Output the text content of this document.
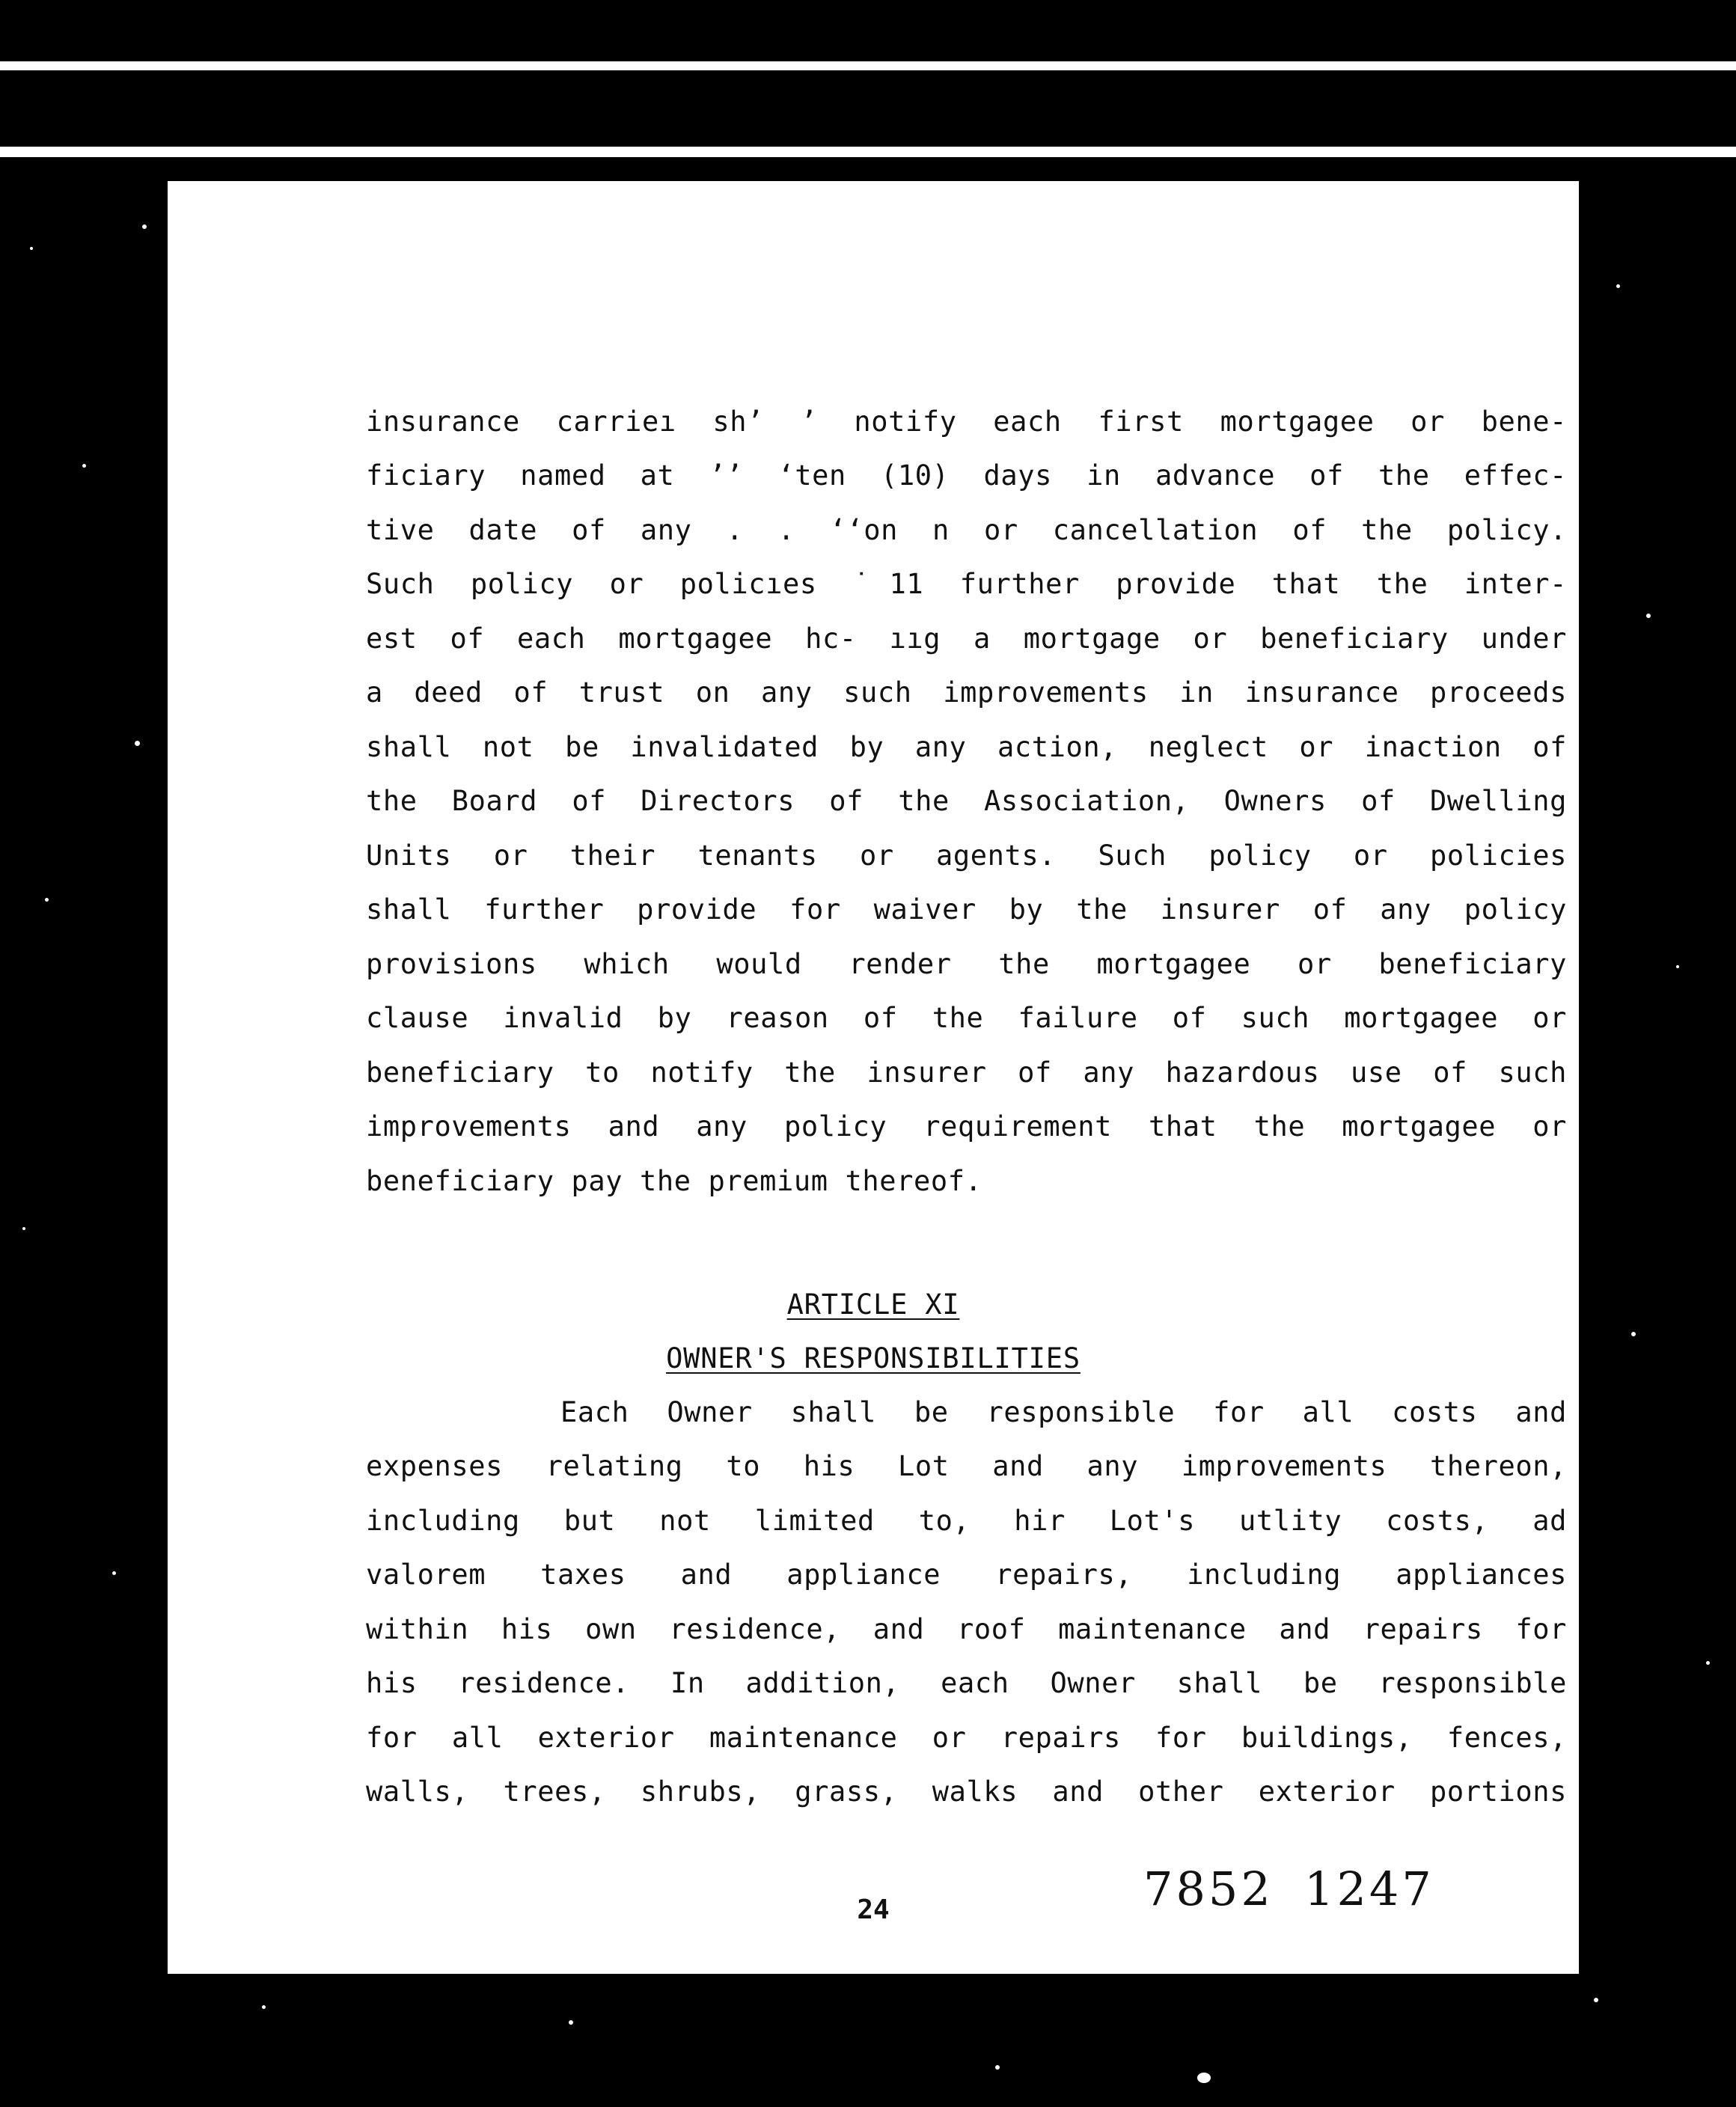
insurance carrieı sh’ ’ notify each first mortgagee or bene-
ficiary named at ’’ ʻten (10) days in advance of the effec-
tive date of any . . ‘‘on n or cancellation of the policy.
Such policy or policıes ˙11 further provide that the inter-
est of each mortgagee hc‐ ııg a mortgage or beneficiary under
a deed of trust on any such improvements in insurance proceeds
shall not be invalidated by any action, neglect or inaction of
the Board of Directors of the Association, Owners of Dwelling
Units or their tenants or agents. Such policy or policies
shall further provide for waiver by the insurer of any policy
provisions which would render the mortgagee or beneficiary
clause invalid by reason of the failure of such mortgagee or
beneficiary to notify the insurer of any hazardous use of such
improvements and any policy requirement that the mortgagee or
beneficiary pay the premium thereof.
ARTICLE XI
OWNER'S RESPONSIBILITIES
Each Owner shall be responsible for all costs and
expenses relating to his Lot and any improvements thereon,
including but not limited to, hir Lot's utlity costs, ad
valorem taxes and appliance repairs, including appliances
within his own residence, and roof maintenance and repairs for
his residence. In addition, each Owner shall be responsible
for all exterior maintenance or repairs for buildings, fences,
walls, trees, shrubs, grass, walks and other exterior portions
24	7852 1247
